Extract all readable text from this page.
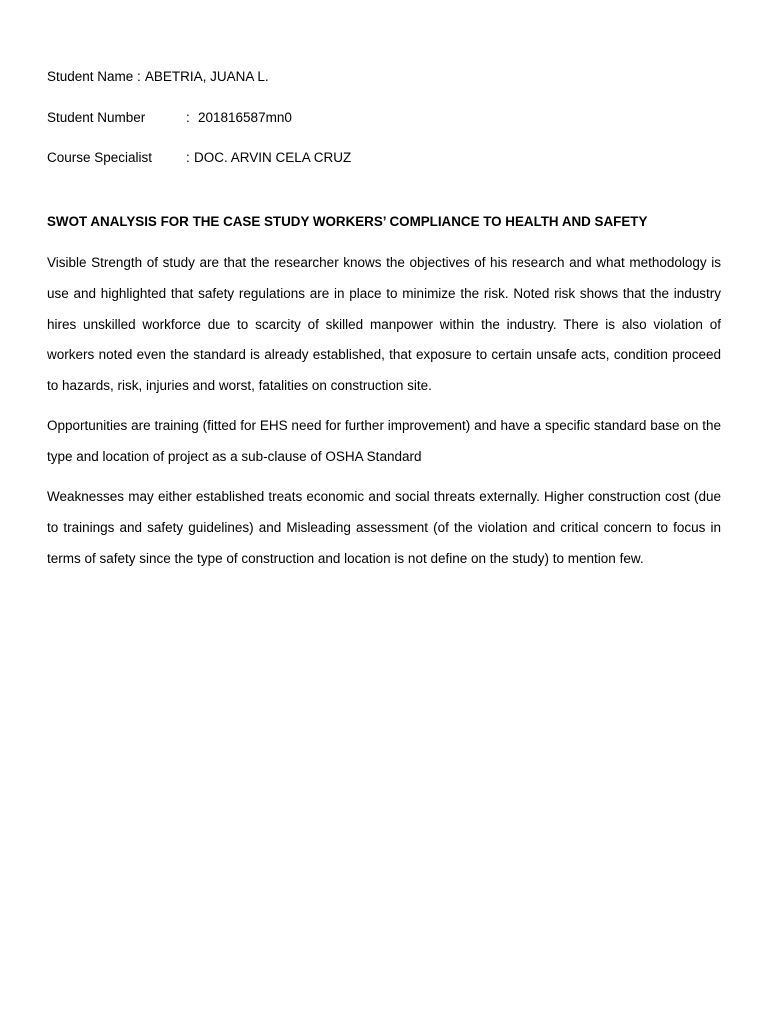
Student Name : ABETRIA, JUANA L.
Student Number	: 201816587mn0
Course Specialist	: DOC. ARVIN CELA CRUZ
SWOT ANALYSIS FOR THE CASE STUDY WORKERS’ COMPLIANCE TO HEALTH AND SAFETY

Visible Strength of study are that the researcher knows the objectives of his research and what methodology is use and highlighted that safety regulations are in place to minimize the risk. Noted risk shows that the industry hires unskilled workforce due to scarcity of skilled manpower within the industry. There is also violation of workers noted even the standard is already established, that exposure to certain unsafe acts, condition proceed to hazards, risk, injuries and worst, fatalities on construction site.

Opportunities are training (fitted for EHS need for further improvement) and have a specific standard base on the type and location of project as a sub-clause of OSHA Standard

Weaknesses may either established treats economic and social threats externally. Higher construction cost (due to trainings and safety guidelines) and Misleading assessment (of the violation and critical concern to focus in terms of safety since the type of construction and location is not define on the study) to mention few.
